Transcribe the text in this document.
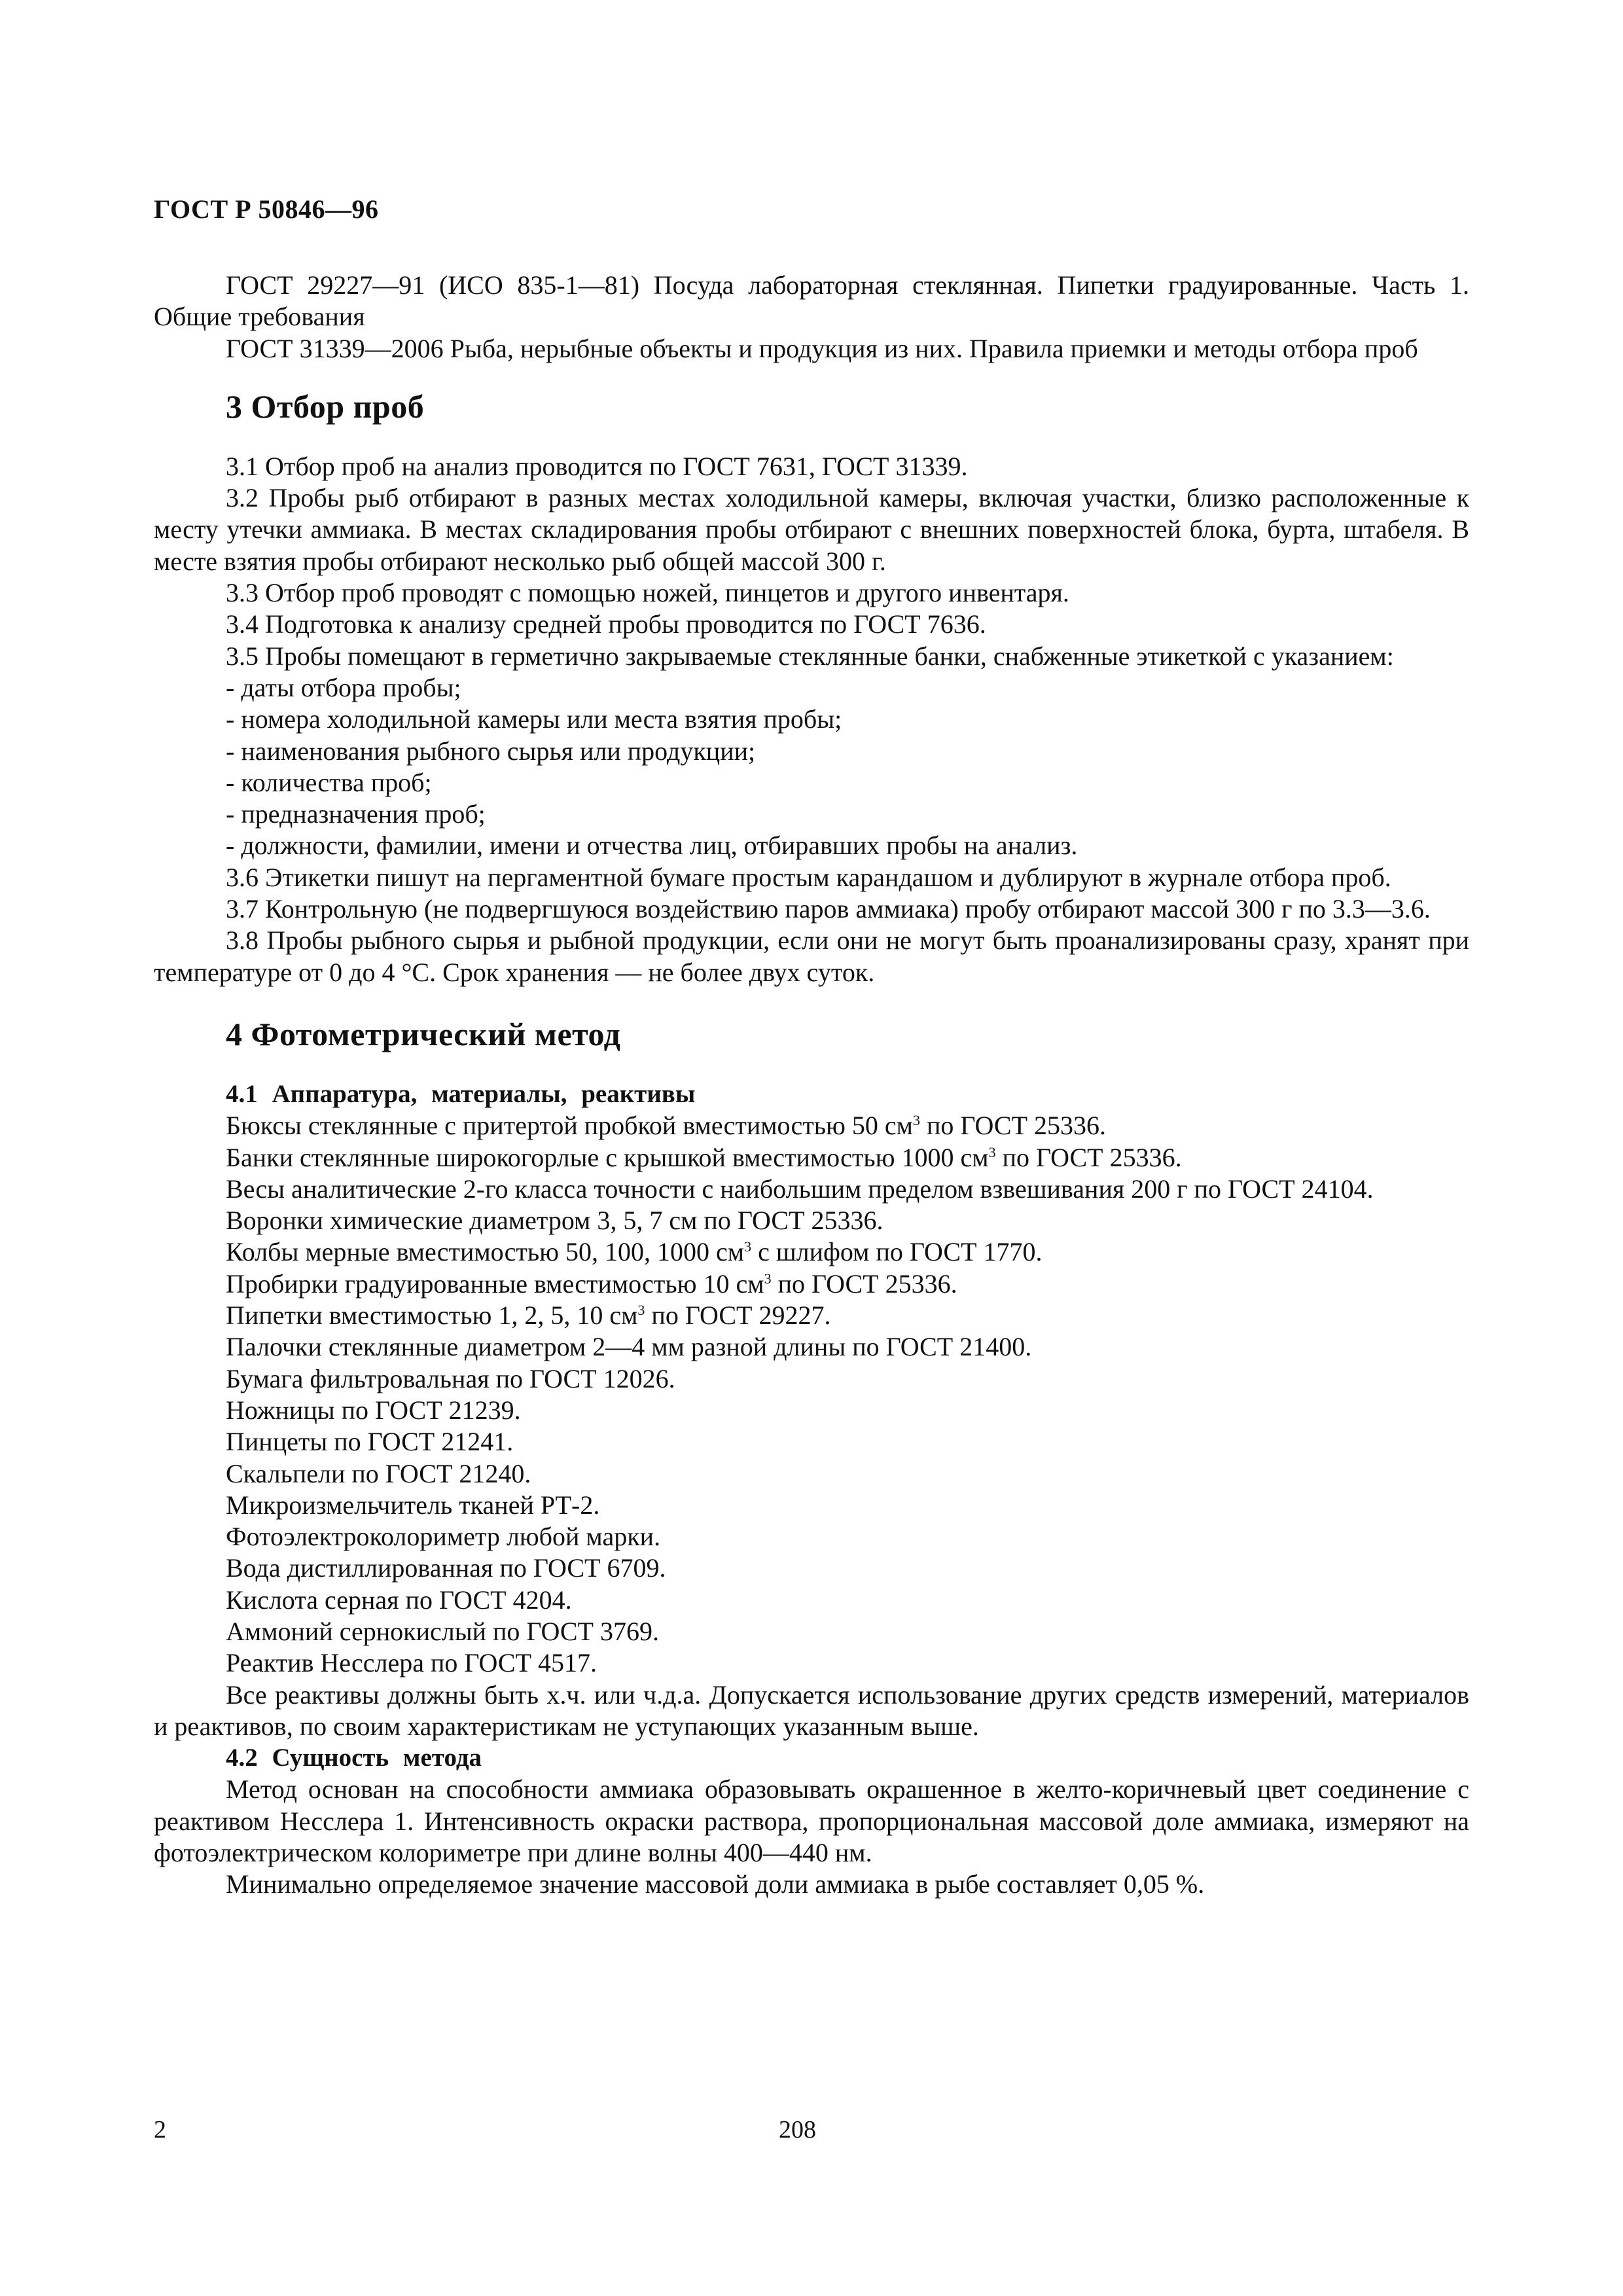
ГОСТ Р 50846—96

ГОСТ 29227—91 (ИСО 835-1—81) Посуда лабораторная стеклянная. Пипетки градуированные. Часть 1. Общие требования

ГОСТ 31339—2006 Рыба, нерыбные объекты и продукция из них. Правила приемки и методы отбора проб

3 Отбор проб

3.1 Отбор проб на анализ проводится по ГОСТ 7631, ГОСТ 31339.

3.2 Пробы рыб отбирают в разных местах холодильной камеры, включая участки, близко расположенные к месту утечки аммиака. В местах складирования пробы отбирают с внешних поверхностей блока, бурта, штабеля. В месте взятия пробы отбирают несколько рыб общей массой 300 г.

3.3 Отбор проб проводят с помощью ножей, пинцетов и другого инвентаря.

3.4 Подготовка к анализу средней пробы проводится по ГОСТ 7636.

3.5 Пробы помещают в герметично закрываемые стеклянные банки, снабженные этикеткой с указанием:

- даты отбора пробы;

- номера холодильной камеры или места взятия пробы;

- наименования рыбного сырья или продукции;

- количества проб;

- предназначения проб;

- должности, фамилии, имени и отчества лиц, отбиравших пробы на анализ.

3.6 Этикетки пишут на пергаментной бумаге простым карандашом и дублируют в журнале отбора проб.

3.7 Контрольную (не подвергшуюся воздействию паров аммиака) пробу отбирают массой 300 г по 3.3—3.6.

3.8 Пробы рыбного сырья и рыбной продукции, если они не могут быть проанализированы сразу, хранят при температуре от 0 до 4 °С. Срок хранения — не более двух суток.

4 Фотометрический метод

4.1 Аппаратура, материалы, реактивы

Бюксы стеклянные с притертой пробкой вместимостью 50 $см^3$ по ГОСТ 25336.

Банки стеклянные широкогорлые с крышкой вместимостью 1000 $см^3$ по ГОСТ 25336.

Весы аналитические 2-го класса точности с наибольшим пределом взвешивания 200 г по ГОСТ 24104.

Воронки химические диаметром 3, 5, 7 см по ГОСТ 25336.

Колбы мерные вместимостью 50, 100, 1000 $см^3$ с шлифом по ГОСТ 1770.

Пробирки градуированные вместимостью 10 $см^3$ по ГОСТ 25336.

Пипетки вместимостью 1, 2, 5, 10 $см^3$ по ГОСТ 29227.

Палочки стеклянные диаметром 2—4 мм разной длины по ГОСТ 21400.

Бумага фильтровальная по ГОСТ 12026.

Ножницы по ГОСТ 21239.

Пинцеты по ГОСТ 21241.

Скальпели по ГОСТ 21240.

Микроизмельчитель тканей РТ-2.

Фотоэлектроколориметр любой марки.

Вода дистиллированная по ГОСТ 6709.

Кислота серная по ГОСТ 4204.

Аммоний сернокислый по ГОСТ 3769.

Реактив Несслера по ГОСТ 4517.

Все реактивы должны быть х.ч. или ч.д.а. Допускается использование других средств измерений, материалов и реактивов, по своим характеристикам не уступающих указанным выше.

4.2 Сущность метода

Метод основан на способности аммиака образовывать окрашенное в желто-коричневый цвет соединение с реактивом Несслера 1. Интенсивность окраски раствора, пропорциональная массовой доле аммиака, измеряют на фотоэлектрическом колориметре при длине волны 400—440 нм.

Минимально определяемое значение массовой доли аммиака в рыбе составляет 0,05 %.

2	208
